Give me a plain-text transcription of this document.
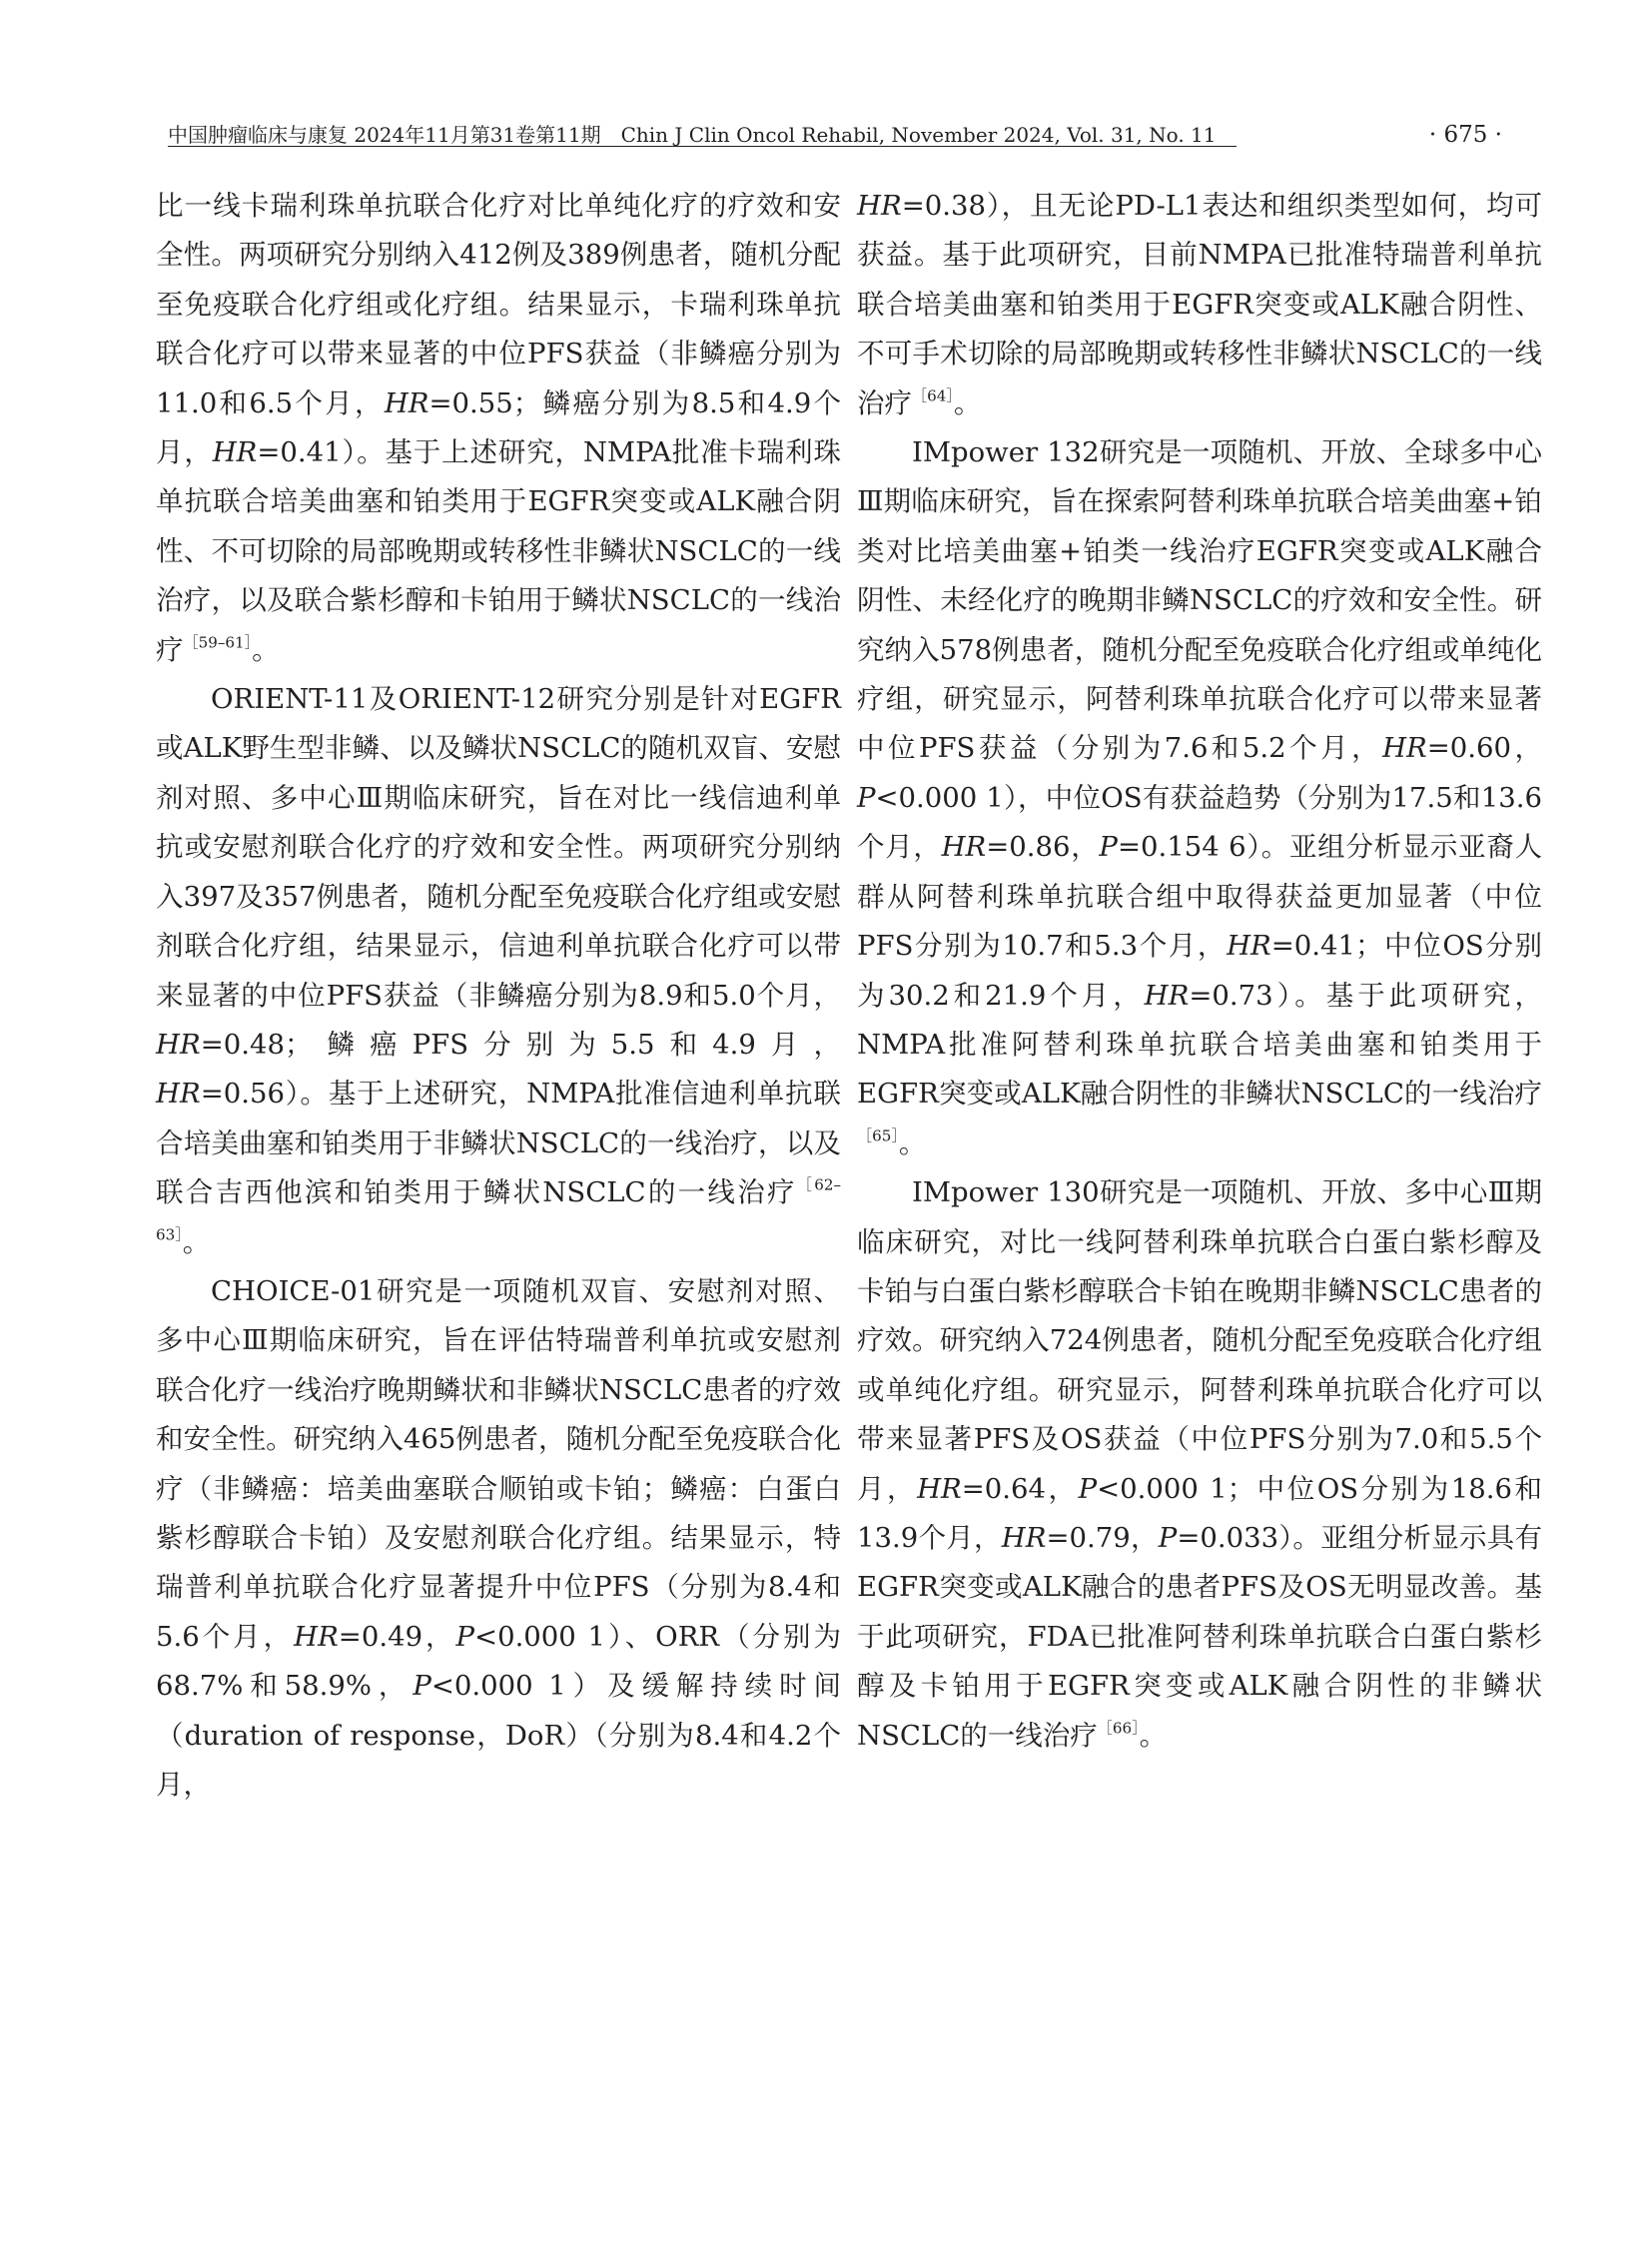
中国肿瘤临床与康复 2024年11月第31卷第11期　Chin J Clin Oncol Rehabil, November 2024, Vol. 31, No. 11	· 675 ·

比一线卡瑞利珠单抗联合化疗对比单纯化疗的疗效和安全性。两项研究分别纳入412例及389例患者，随机分配至免疫联合化疗组或化疗组。结果显示，卡瑞利珠单抗联合化疗可以带来显著的中位PFS获益（非鳞癌分别为11.0和6.5个月，HR=0.55；鳞癌分别为8.5和4.9个月，HR=0.41）。基于上述研究，NMPA批准卡瑞利珠单抗联合培美曲塞和铂类用于EGFR突变或ALK融合阴性、不可切除的局部晚期或转移性非鳞状NSCLC的一线治疗，以及联合紫杉醇和卡铂用于鳞状NSCLC的一线治疗$^{[59-61]}$。

ORIENT-11及ORIENT-12研究分别是针对EGFR或ALK野生型非鳞、以及鳞状NSCLC的随机双盲、安慰剂对照、多中心Ⅲ期临床研究，旨在对比一线信迪利单抗或安慰剂联合化疗的疗效和安全性。两项研究分别纳入397及357例患者，随机分配至免疫联合化疗组或安慰剂联合化疗组，结果显示，信迪利单抗联合化疗可以带来显著的中位PFS获益（非鳞癌分别为8.9和5.0个月，HR=0.48；鳞癌PFS分别为5.5和4.9月，HR=0.56）。基于上述研究，NMPA批准信迪利单抗联合培美曲塞和铂类用于非鳞状NSCLC的一线治疗，以及联合吉西他滨和铂类用于鳞状NSCLC的一线治疗$^{[62-63]}$。

CHOICE-01研究是一项随机双盲、安慰剂对照、多中心Ⅲ期临床研究，旨在评估特瑞普利单抗或安慰剂联合化疗一线治疗晚期鳞状和非鳞状NSCLC患者的疗效和安全性。研究纳入465例患者，随机分配至免疫联合化疗（非鳞癌：培美曲塞联合顺铂或卡铂；鳞癌：白蛋白紫杉醇联合卡铂）及安慰剂联合化疗组。结果显示，特瑞普利单抗联合化疗显著提升中位PFS（分别为8.4和5.6个月，HR=0.49，P<0.000 1）、ORR（分别为68.7%和58.9%，P<0.000 1）及缓解持续时间（duration of response，DoR）（分别为8.4和4.2个月，

HR=0.38），且无论PD-L1表达和组织类型如何，均可获益。基于此项研究，目前NMPA已批准特瑞普利单抗联合培美曲塞和铂类用于EGFR突变或ALK融合阴性、不可手术切除的局部晚期或转移性非鳞状NSCLC的一线治疗$^{[64]}$。

IMpower 132研究是一项随机、开放、全球多中心Ⅲ期临床研究，旨在探索阿替利珠单抗联合培美曲塞+铂类对比培美曲塞+铂类一线治疗EGFR突变或ALK融合阴性、未经化疗的晚期非鳞NSCLC的疗效和安全性。研究纳入578例患者，随机分配至免疫联合化疗组或单纯化疗组，研究显示，阿替利珠单抗联合化疗可以带来显著中位PFS获益（分别为7.6和5.2个月，HR=0.60，P<0.000 1），中位OS有获益趋势（分别为17.5和13.6个月，HR=0.86，P=0.154 6）。亚组分析显示亚裔人群从阿替利珠单抗联合组中取得获益更加显著（中位PFS分别为10.7和5.3个月，HR=0.41；中位OS分别为30.2和21.9个月，HR=0.73）。基于此项研究，NMPA批准阿替利珠单抗联合培美曲塞和铂类用于EGFR突变或ALK融合阴性的非鳞状NSCLC的一线治疗$^{[65]}$。

IMpower 130研究是一项随机、开放、多中心Ⅲ期临床研究，对比一线阿替利珠单抗联合白蛋白紫杉醇及卡铂与白蛋白紫杉醇联合卡铂在晚期非鳞NSCLC患者的疗效。研究纳入724例患者，随机分配至免疫联合化疗组或单纯化疗组。研究显示，阿替利珠单抗联合化疗可以带来显著PFS及OS获益（中位PFS分别为7.0和5.5个月，HR=0.64，P<0.000 1；中位OS分别为18.6和13.9个月，HR=0.79，P=0.033）。亚组分析显示具有EGFR突变或ALK融合的患者PFS及OS无明显改善。基于此项研究，FDA已批准阿替利珠单抗联合白蛋白紫杉醇及卡铂用于EGFR突变或ALK融合阴性的非鳞状NSCLC的一线治疗$^{[66]}$。
